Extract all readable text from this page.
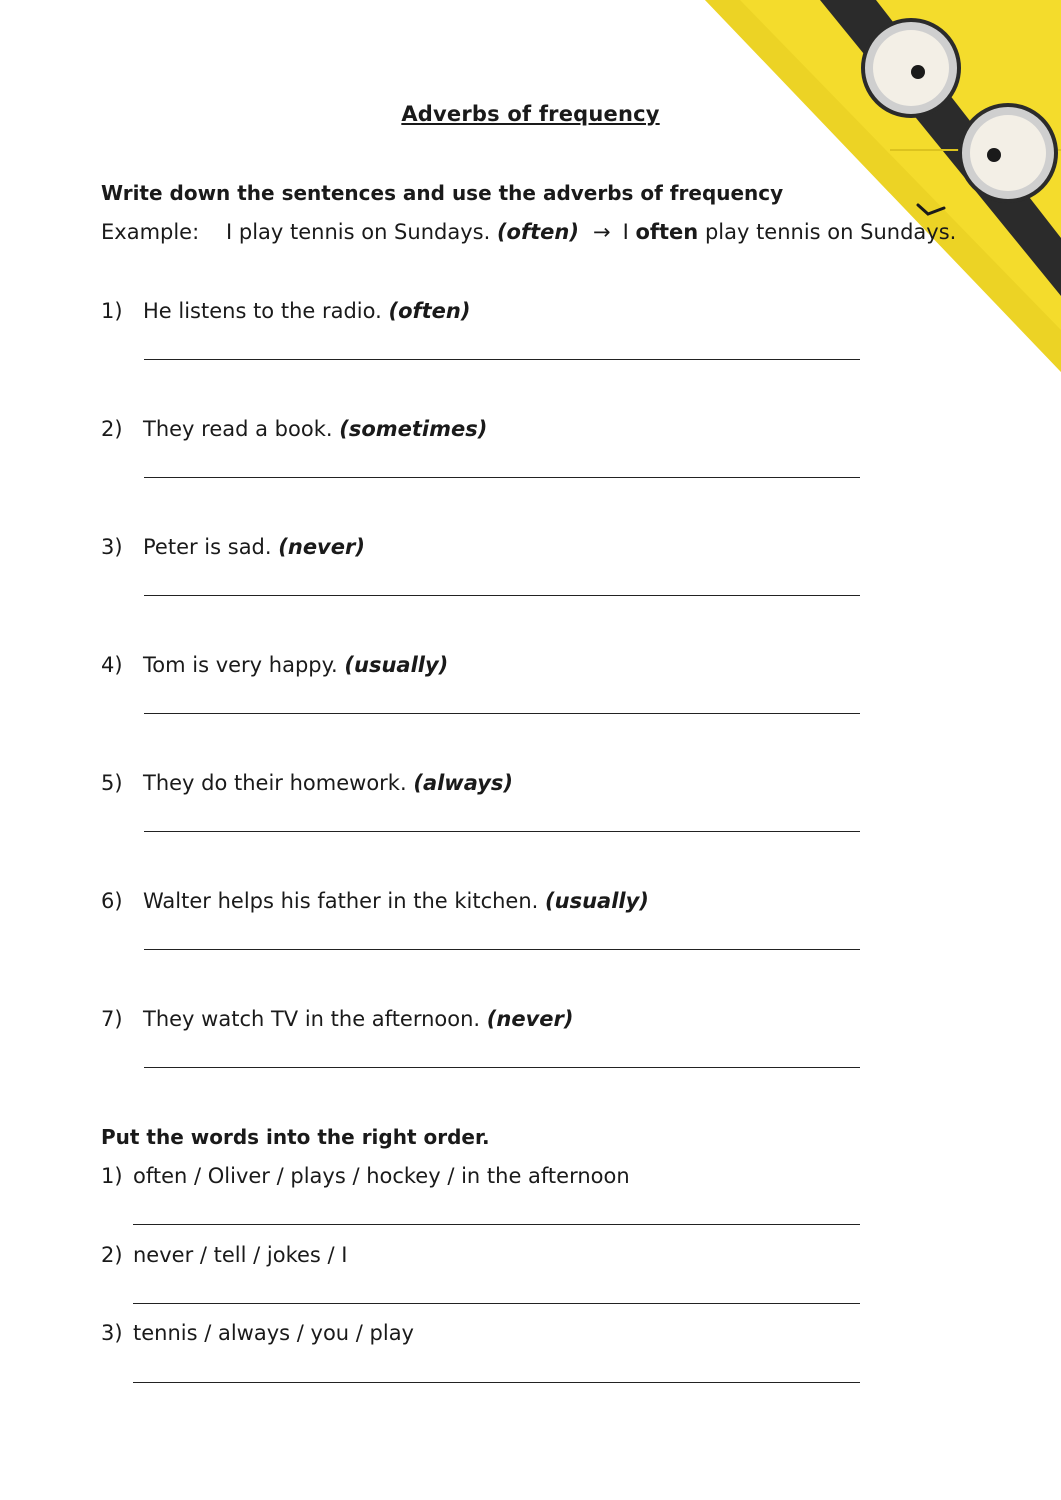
Adverbs of frequency
Write down the sentences and use the adverbs of frequency
Example: I play tennis on Sundays. (often) → I often play tennis on Sundays.
1) He listens to the radio. (often)
2) They read a book. (sometimes)
3) Peter is sad. (never)
4) Tom is very happy. (usually)
5) They do their homework. (always)
6) Walter helps his father in the kitchen. (usually)
7) They watch TV in the afternoon. (never)
Put the words into the right order.
1) often / Oliver / plays / hockey / in the afternoon
2) never / tell / jokes / I
3) tennis / always / you / play
